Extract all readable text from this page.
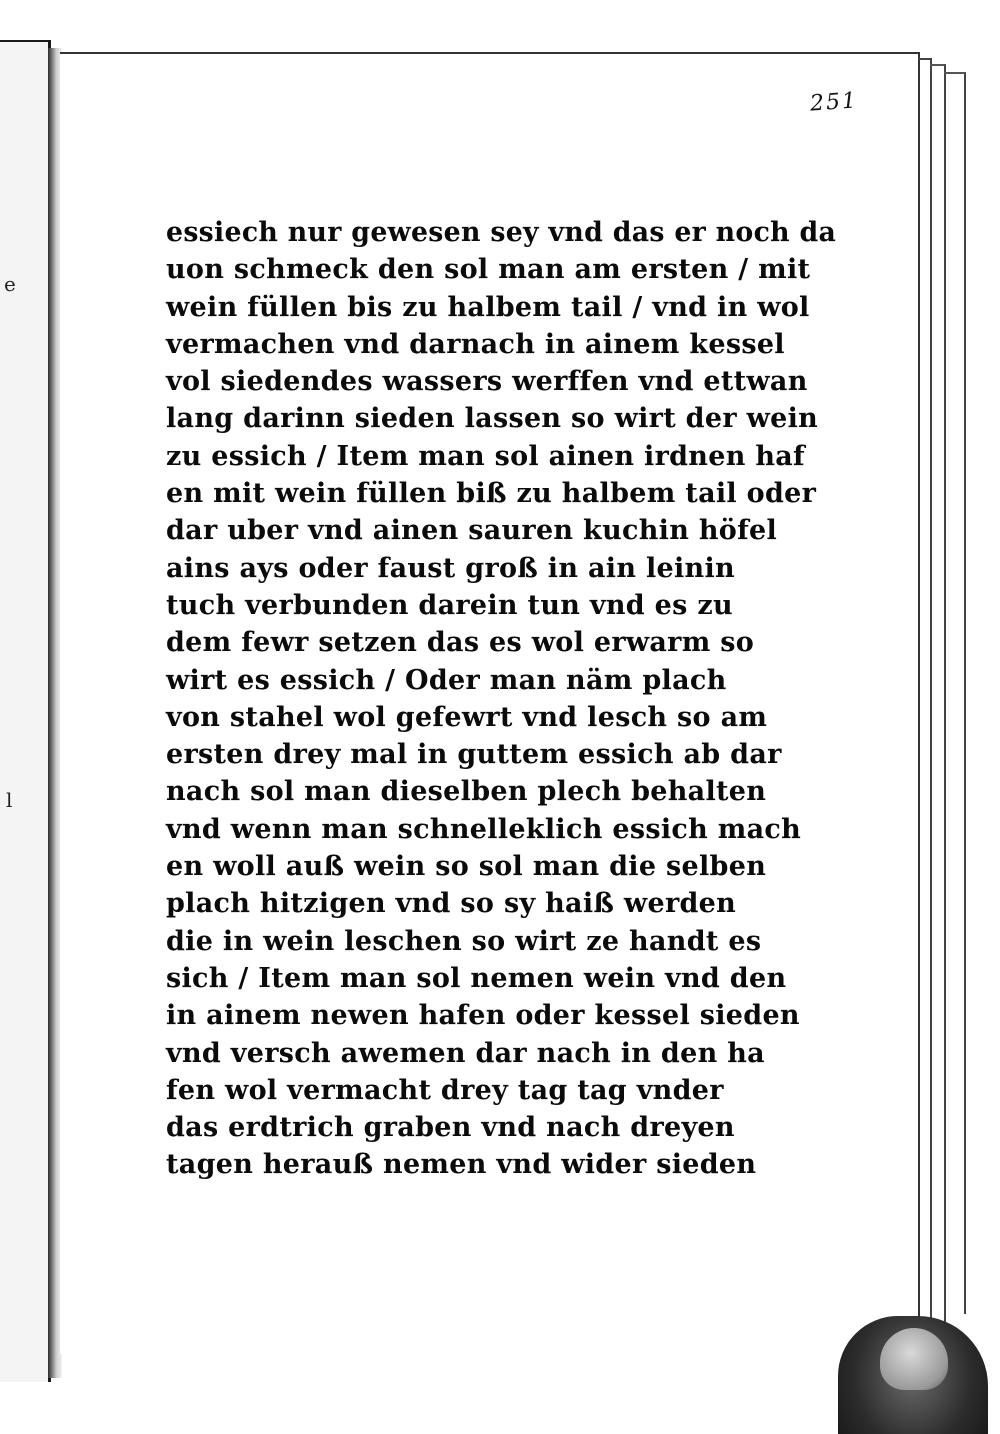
e
l
251
essiech nur gewesen sey vnd das er noch da
uon schmeck den sol man am ersten / mit
wein füllen bis zu halbem tail / vnd in wol
vermachen vnd darnach in ainem kessel
vol siedendes wassers werffen vnd ettwan
lang darinn sieden lassen so wirt der wein
zu essich / Item man sol ainen irdnen haf
en mit wein füllen biß zu halbem tail oder
dar uber vnd ainen sauren kuchin höfel
ains ays oder faust groß in ain leinin
tuch verbunden darein tun vnd es zu
dem fewr setzen das es wol erwarm so
wirt es essich / Oder man näm plach
von stahel wol gefewrt vnd lesch so am
ersten drey mal in guttem essich ab dar
nach sol man dieselben plech behalten
vnd wenn man schnelleklich essich mach
en woll auß wein so sol man die selben
plach hitzigen vnd so sy haiß werden
die in wein leschen so wirt ze handt es
sich / Item man sol nemen wein vnd den
in ainem newen hafen oder kessel sieden
vnd versch awemen dar nach in den ha
fen wol vermacht drey tag tag vnder
das erdtrich graben vnd nach dreyen
tagen herauß nemen vnd wider sieden
